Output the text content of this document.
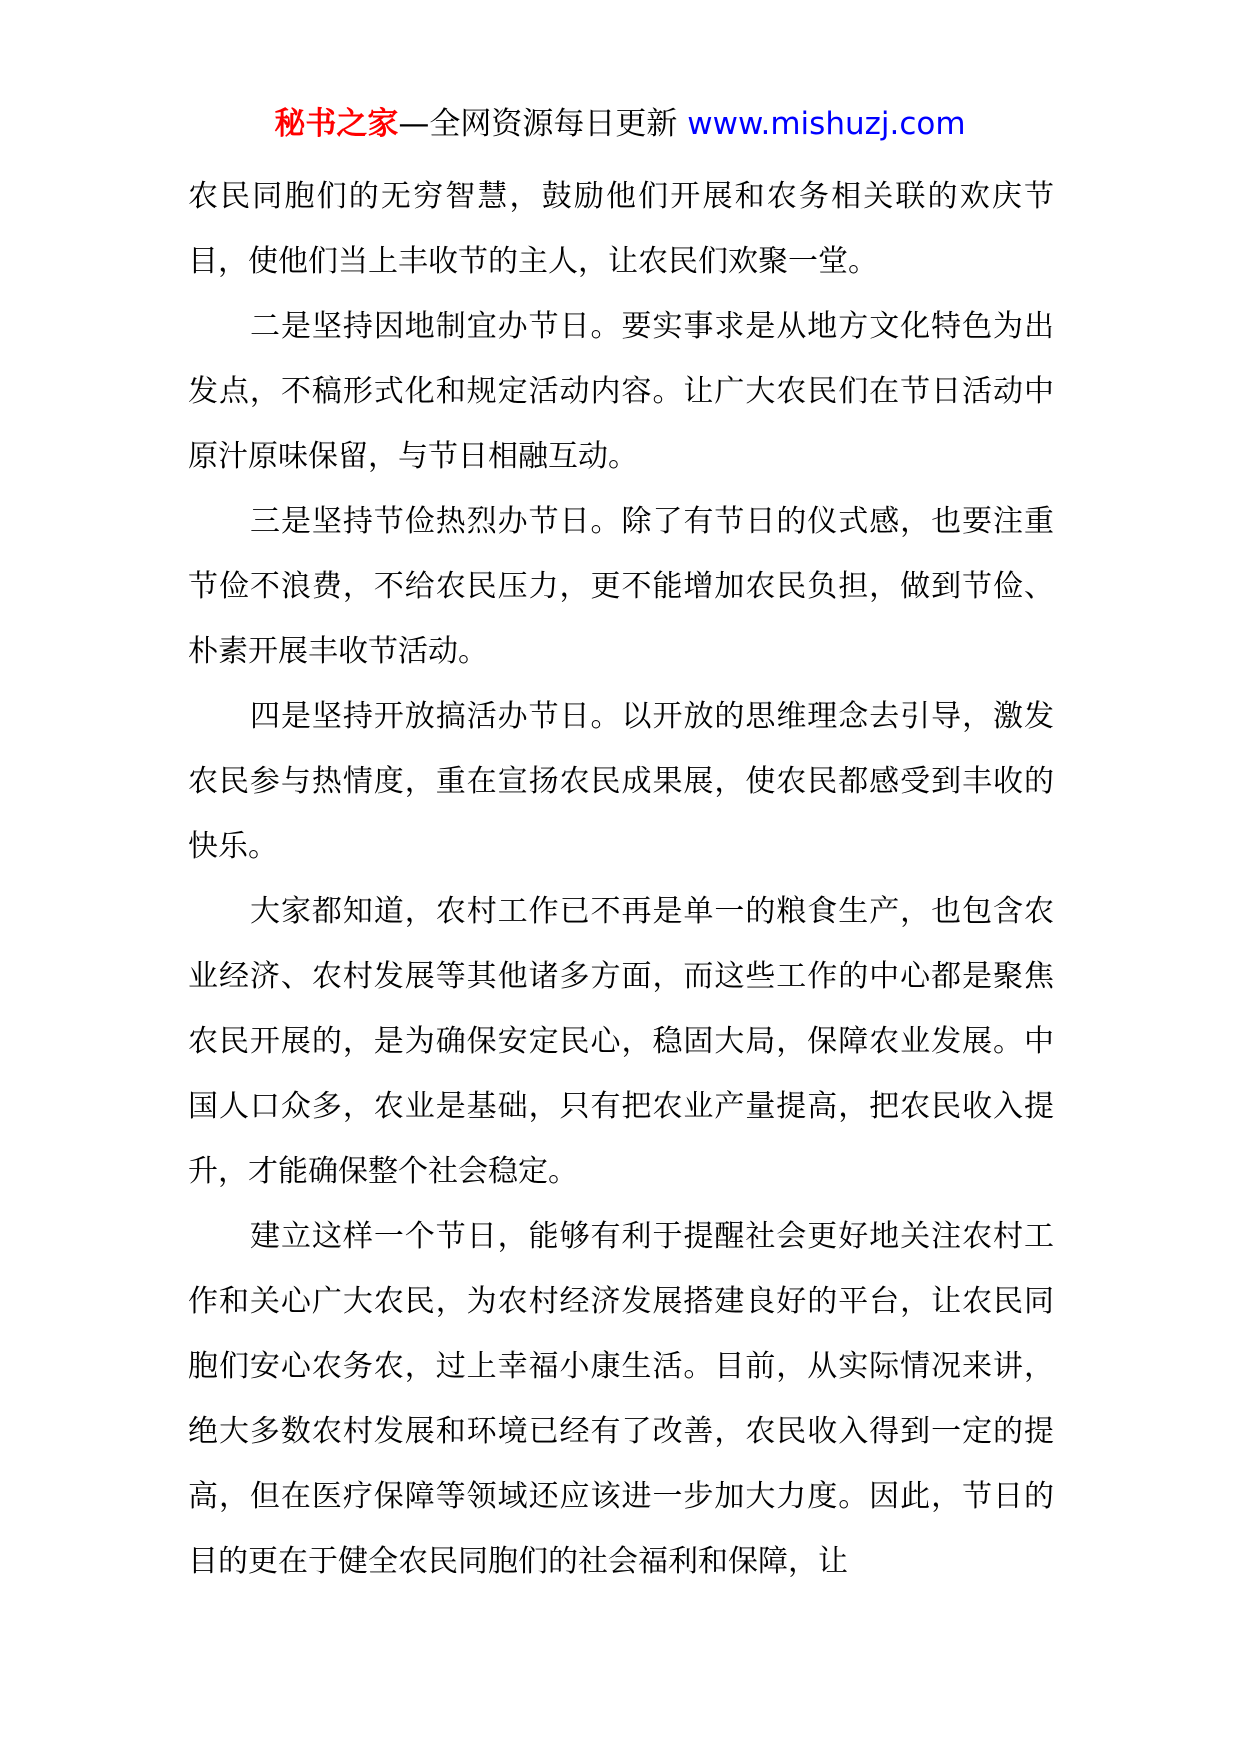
秘书之家—全网资源每日更新 www.mishuzj.com

农民同胞们的无穷智慧，鼓励他们开展和农务相关联的欢庆节目，使他们当上丰收节的主人，让农民们欢聚一堂。

二是坚持因地制宜办节日。要实事求是从地方文化特色为出发点，不稿形式化和规定活动内容。让广大农民们在节日活动中原汁原味保留，与节日相融互动。

三是坚持节俭热烈办节日。除了有节日的仪式感，也要注重节俭不浪费，不给农民压力，更不能增加农民负担，做到节俭、朴素开展丰收节活动。

四是坚持开放搞活办节日。以开放的思维理念去引导，激发农民参与热情度，重在宣扬农民成果展，使农民都感受到丰收的快乐。

大家都知道，农村工作已不再是单一的粮食生产，也包含农业经济、农村发展等其他诸多方面，而这些工作的中心都是聚焦农民开展的，是为确保安定民心，稳固大局，保障农业发展。中国人口众多，农业是基础，只有把农业产量提高，把农民收入提升，才能确保整个社会稳定。

建立这样一个节日，能够有利于提醒社会更好地关注农村工作和关心广大农民，为农村经济发展搭建良好的平台，让农民同胞们安心农务农，过上幸福小康生活。目前，从实际情况来讲，绝大多数农村发展和环境已经有了改善，农民收入得到一定的提高，但在医疗保障等领域还应该进一步加大力度。因此，节日的目的更在于健全农民同胞们的社会福利和保障，让
